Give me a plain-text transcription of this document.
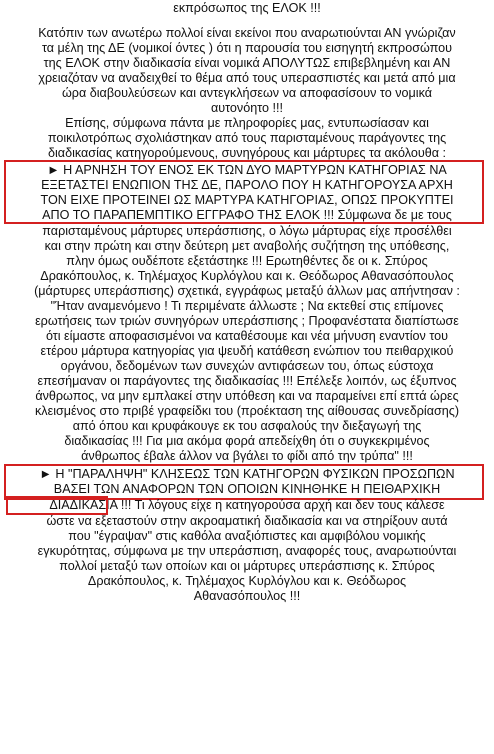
εκπρόσωπος της ΕΛΟΚ !!!
Κατόπιν των ανωτέρω πολλοί είναι εκείνοι που αναρωτιούνται ΑΝ γνώριζαν
τα μέλη της ΔΕ (νομικοί όντες ) ότι η παρουσία του εισηγητή εκπροσώπου
της ΕΛΟΚ στην διαδικασία είναι νομικά ΑΠΟΛΥΤΩΣ επιβεβλημένη και ΑΝ
χρειαζόταν να αναδειχθεί το θέμα από τους υπερασπιστές και μετά από μια
ώρα διαβουλεύσεων και αντεγκλήσεων να αποφασίσουν το νομικά
αυτονόητο !!!
Επίσης, σύμφωνα πάντα με πληροφορίες μας, εντυπωσίασαν και
ποικιλοτρόπως σχολιάστηκαν από τους παρισταμένους παράγοντες της
διαδικασίας κατηγορούμενους, συνηγόρους και μάρτυρες τα ακόλουθα :
► Η ΑΡΝΗΣΗ ΤΟΥ ΕΝΟΣ ΕΚ ΤΩΝ ΔΥΟ ΜΑΡΤΥΡΩΝ ΚΑΤΗΓΟΡΙΑΣ ΝΑ
ΕΞΕΤΑΣΤΕΙ ΕΝΩΠΙΟΝ ΤΗΣ ΔΕ, ΠΑΡΟΛΟ ΠΟΥ Η ΚΑΤΗΓΟΡΟΥΣΑ ΑΡΧΗ
ΤΟΝ ΕΙΧΕ ΠΡΟΤΕΙΝΕΙ ΩΣ ΜΑΡΤΥΡΑ ΚΑΤΗΓΟΡΙΑΣ, ΟΠΩΣ ΠΡΟΚΥΠΤΕΙ
ΑΠΟ ΤΟ ΠΑΡΑΠΕΜΠΤΙΚΟ ΕΓΓΡΑΦΟ ΤΗΣ ΕΛΟΚ !!! Σύμφωνα δε με τους
παρισταμένους μάρτυρες υπεράσπισης, ο λόγω μάρτυρας είχε προσέλθει
και στην πρώτη και στην δεύτερη μετ αναβολής συζήτηση της υπόθεσης,
πλην όμως ουδέποτε εξετάστηκε !!! Ερωτηθέντες δε οι κ. Σπύρος
Δρακόπουλος, κ. Τηλέμαχος Κυρλόγλου και κ. Θεόδωρος Αθανασόπουλος
(μάρτυρες υπεράσπισης) σχετικά, εγγράφως μεταξύ άλλων μας απήντησαν :
"Ήταν αναμενόμενο ! Τι περιμένατε άλλωστε ; Να εκτεθεί στις επίμονες
ερωτήσεις των τριών συνηγόρων υπεράσπισης ; Προφανέστατα διαπίστωσε
ότι είμαστε αποφασισμένοι να καταθέσουμε και νέα μήνυση εναντίον του
ετέρου μάρτυρα κατηγορίας για ψευδή κατάθεση ενώπιον του πειθαρχικού
οργάνου, δεδομένων των συνεχών αντιφάσεων του, όπως εύστοχα
επεσήμαναν οι παράγοντες της διαδικασίας !!! Επέλεξε λοιπόν, ως έξυπνος
άνθρωπος, να μην εμπλακεί στην υπόθεση και να παραμείνει επί επτά ώρες
κλεισμένος στο πριβέ γραφείδκι του (προέκταση της αίθουσας συνεδρίασης)
από όπου και κρυφάκουγε εκ του ασφαλούς την διεξαγωγή της
διαδικασίας !!! Για μια ακόμα φορά απεδείχθη ότι ο συγκεκριμένος
άνθρωπος έβαλε άλλον να βγάλει το φίδι από την τρύπα" !!!
► Η "ΠΑΡΑΛΗΨΗ" ΚΛΗΣΕΩΣ ΤΩΝ ΚΑΤΗΓΟΡΩΝ ΦΥΣΙΚΩΝ ΠΡΟΣΩΠΩΝ
ΒΑΣΕΙ ΤΩΝ ΑΝΑΦΟΡΩΝ ΤΩΝ ΟΠΟΙΩΝ ΚΙΝΗΘΗΚΕ Η ΠΕΙΘΑΡΧΙΚΗ
ΔΙΑΔΙΚΑΣΙΑ !!! Τι λόγους είχε η κατηγορούσα αρχή και δεν τους κάλεσε
ώστε να εξεταστούν στην ακροαματική διαδικασία και να στηρίξουν αυτά
που "έγραψαν" στις καθόλα αναξιόπιστες και αμφιβόλου νομικής
εγκυρότητας, σύμφωνα με την υπεράσπιση, αναφορές τους, αναρωτιούνται
πολλοί μεταξύ των οποίων και οι μάρτυρες υπεράσπισης κ. Σπύρος
Δρακόπουλος, κ. Τηλέμαχος Κυρλόγλου και κ. Θεόδωρος
Αθανασόπουλος !!!
